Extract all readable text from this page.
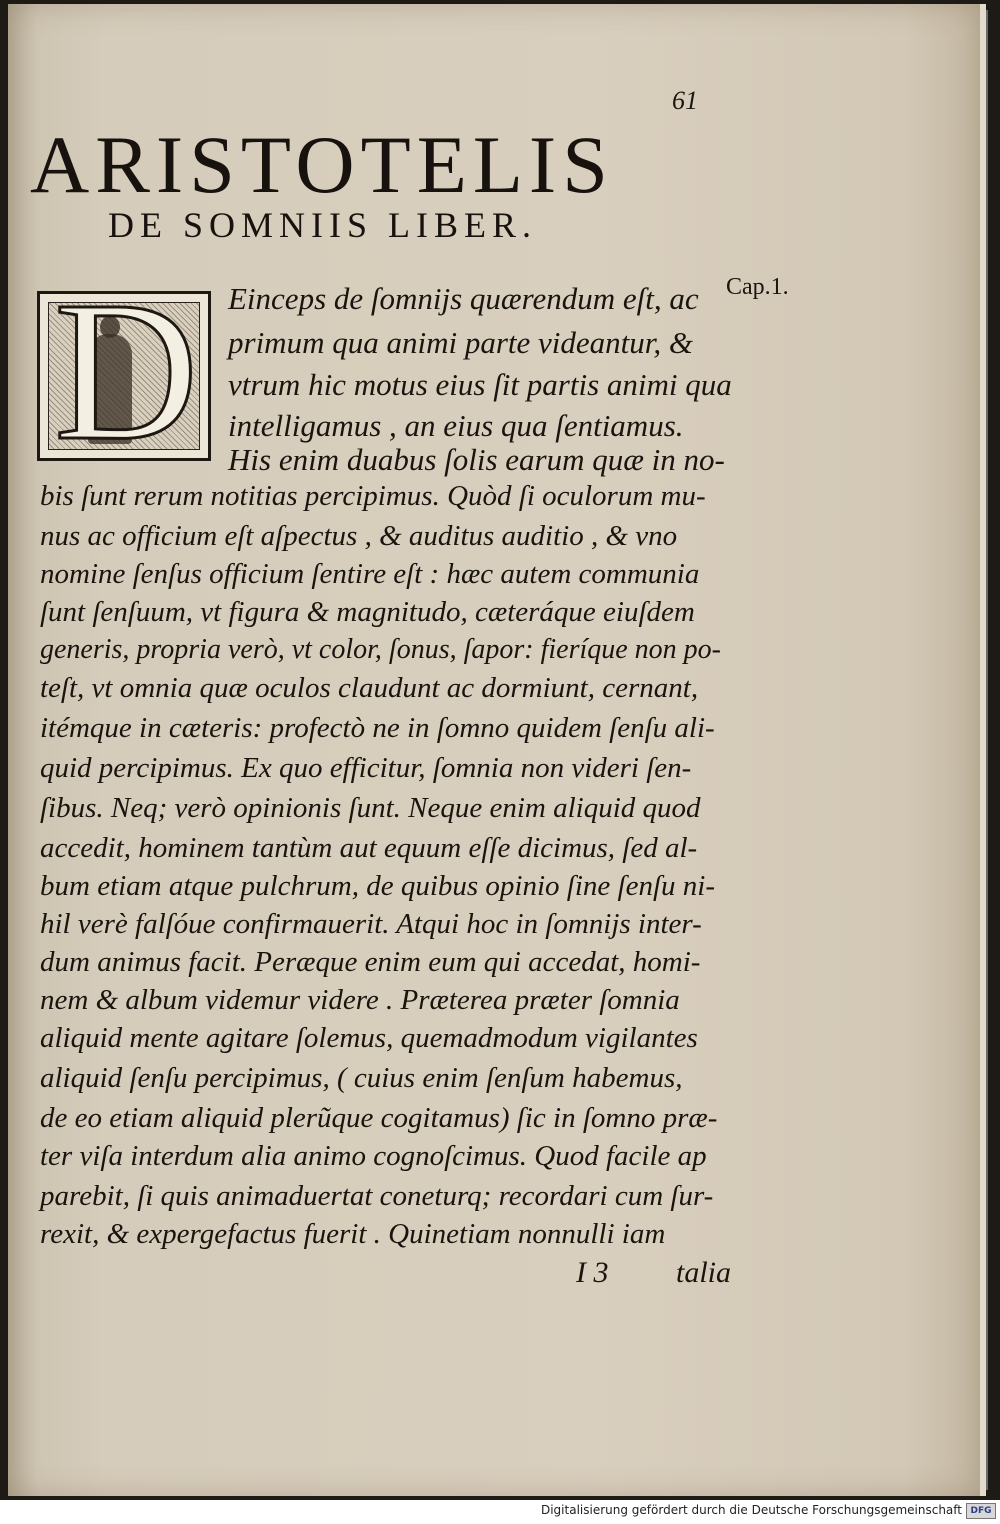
61
ARISTOTELIS
DE SOMNIIS LIBER.
Cap.1.
D Einceps de ſomnijs quærendum eſt, ac
primum qua animi parte videantur, &
vtrum hic motus eius ſit partis animi qua
intelligamus , an eius qua ſentiamus.
His enim duabus ſolis earum quæ in no-
bis ſunt rerum notitias percipimus. Quòd ſi oculorum mu-
nus ac officium eſt aſpectus , & auditus auditio , & vno
nomine ſenſus officium ſentire eſt : hæc autem communia
ſunt ſenſuum, vt figura & magnitudo, cæteráque eiuſdem
generis, propria verò, vt color, ſonus, ſapor: fieríque non po-
teſt, vt omnia quæ oculos claudunt ac dormiunt, cernant,
itémque in cæteris: profectò ne in ſomno quidem ſenſu ali-
quid percipimus. Ex quo efficitur, ſomnia non videri ſen-
ſibus. Neq; verò opinionis ſunt. Neque enim aliquid quod
accedit, hominem tantùm aut equum eſſe dicimus, ſed al-
bum etiam atque pulchrum, de quibus opinio ſine ſenſu ni-
hil verè falſóue confirmauerit. Atqui hoc in ſomnijs inter-
dum animus facit. Peræque enim eum qui accedat, homi-
nem & album videmur videre . Præterea præter ſomnia
aliquid mente agitare ſolemus, quemadmodum vigilantes
aliquid ſenſu percipimus, ( cuius enim ſenſum habemus,
de eo etiam aliquid plerũque cogitamus) ſic in ſomno præ-
ter viſa interdum alia animo cognoſcimus. Quod facile ap
parebit, ſi quis animaduertat coneturq; recordari cum ſur-
rexit, & expergefactus fuerit . Quinetiam nonnulli iam
I 3 talia
Digitalisierung gefördert durch die Deutsche Forschungsgemeinschaft DFG
